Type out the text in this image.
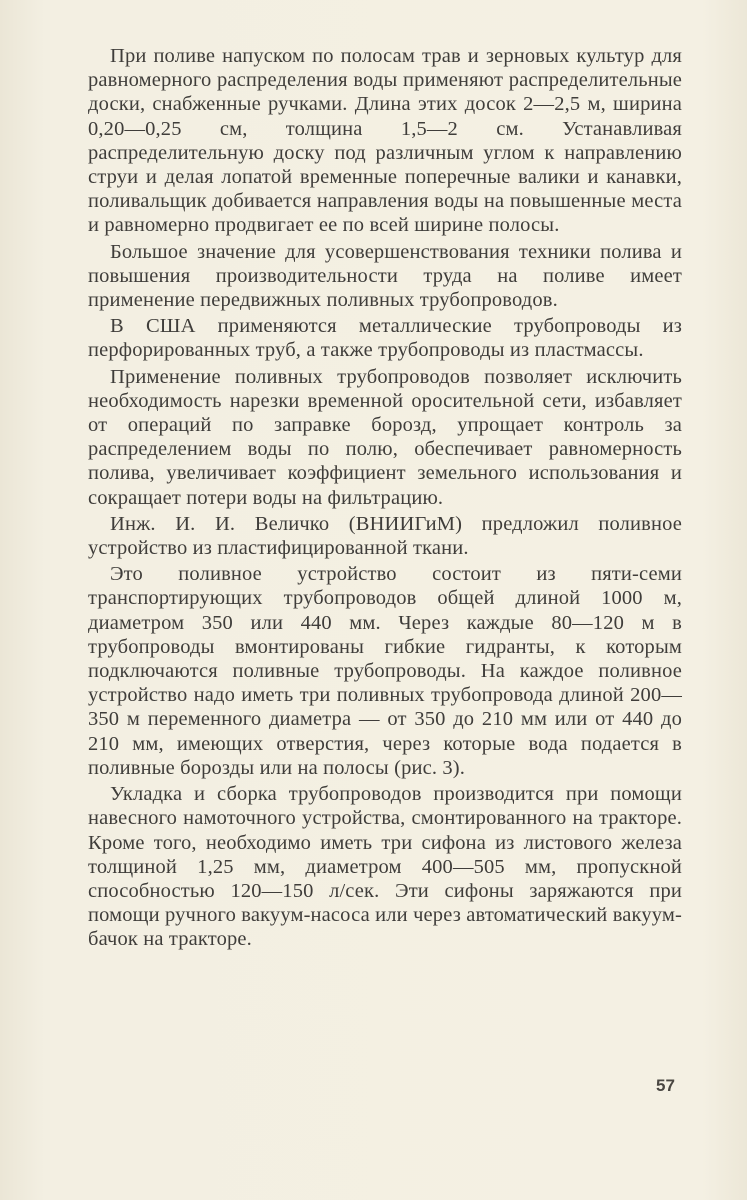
При поливе напуском по полосам трав и зерновых культур для равномерного распределения воды применяют распределительные доски, снабженные ручками. Длина этих досок 2—2,5 м, ширина 0,20—0,25 см, толщина 1,5—2 см. Устанавливая распределительную доску под различным углом к направлению струи и делая лопатой временные поперечные валики и канавки, поливальщик добивается направления воды на повышенные места и равномерно продвигает ее по всей ширине полосы.

Большое значение для усовершенствования техники полива и повышения производительности труда на поливе имеет применение передвижных поливных трубопроводов.

В США применяются металлические трубопроводы из перфорированных труб, а также трубопроводы из пластмассы.

Применение поливных трубопроводов позволяет исключить необходимость нарезки временной оросительной сети, избавляет от операций по заправке борозд, упрощает контроль за распределением воды по полю, обеспечивает равномерность полива, увеличивает коэффициент земельного использования и сокращает потери воды на фильтрацию.

Инж. И. И. Величко (ВНИИГиМ) предложил поливное устройство из пластифицированной ткани.

Это поливное устройство состоит из пяти-семи транспортирующих трубопроводов общей длиной 1000 м, диаметром 350 или 440 мм. Через каждые 80—120 м в трубопроводы вмонтированы гибкие гидранты, к которым подключаются поливные трубопроводы. На каждое поливное устройство надо иметь три поливных трубопровода длиной 200—350 м переменного диаметра — от 350 до 210 мм или от 440 до 210 мм, имеющих отверстия, через которые вода подается в поливные борозды или на полосы (рис. 3).

Укладка и сборка трубопроводов производится при помощи навесного намоточного устройства, смонтированного на тракторе. Кроме того, необходимо иметь три сифона из листового железа толщиной 1,25 мм, диаметром 400—505 мм, пропускной способностью 120—150 л/сек. Эти сифоны заряжаются при помощи ручного вакуум-насоса или через автоматический вакуум-бачок на тракторе.

57
